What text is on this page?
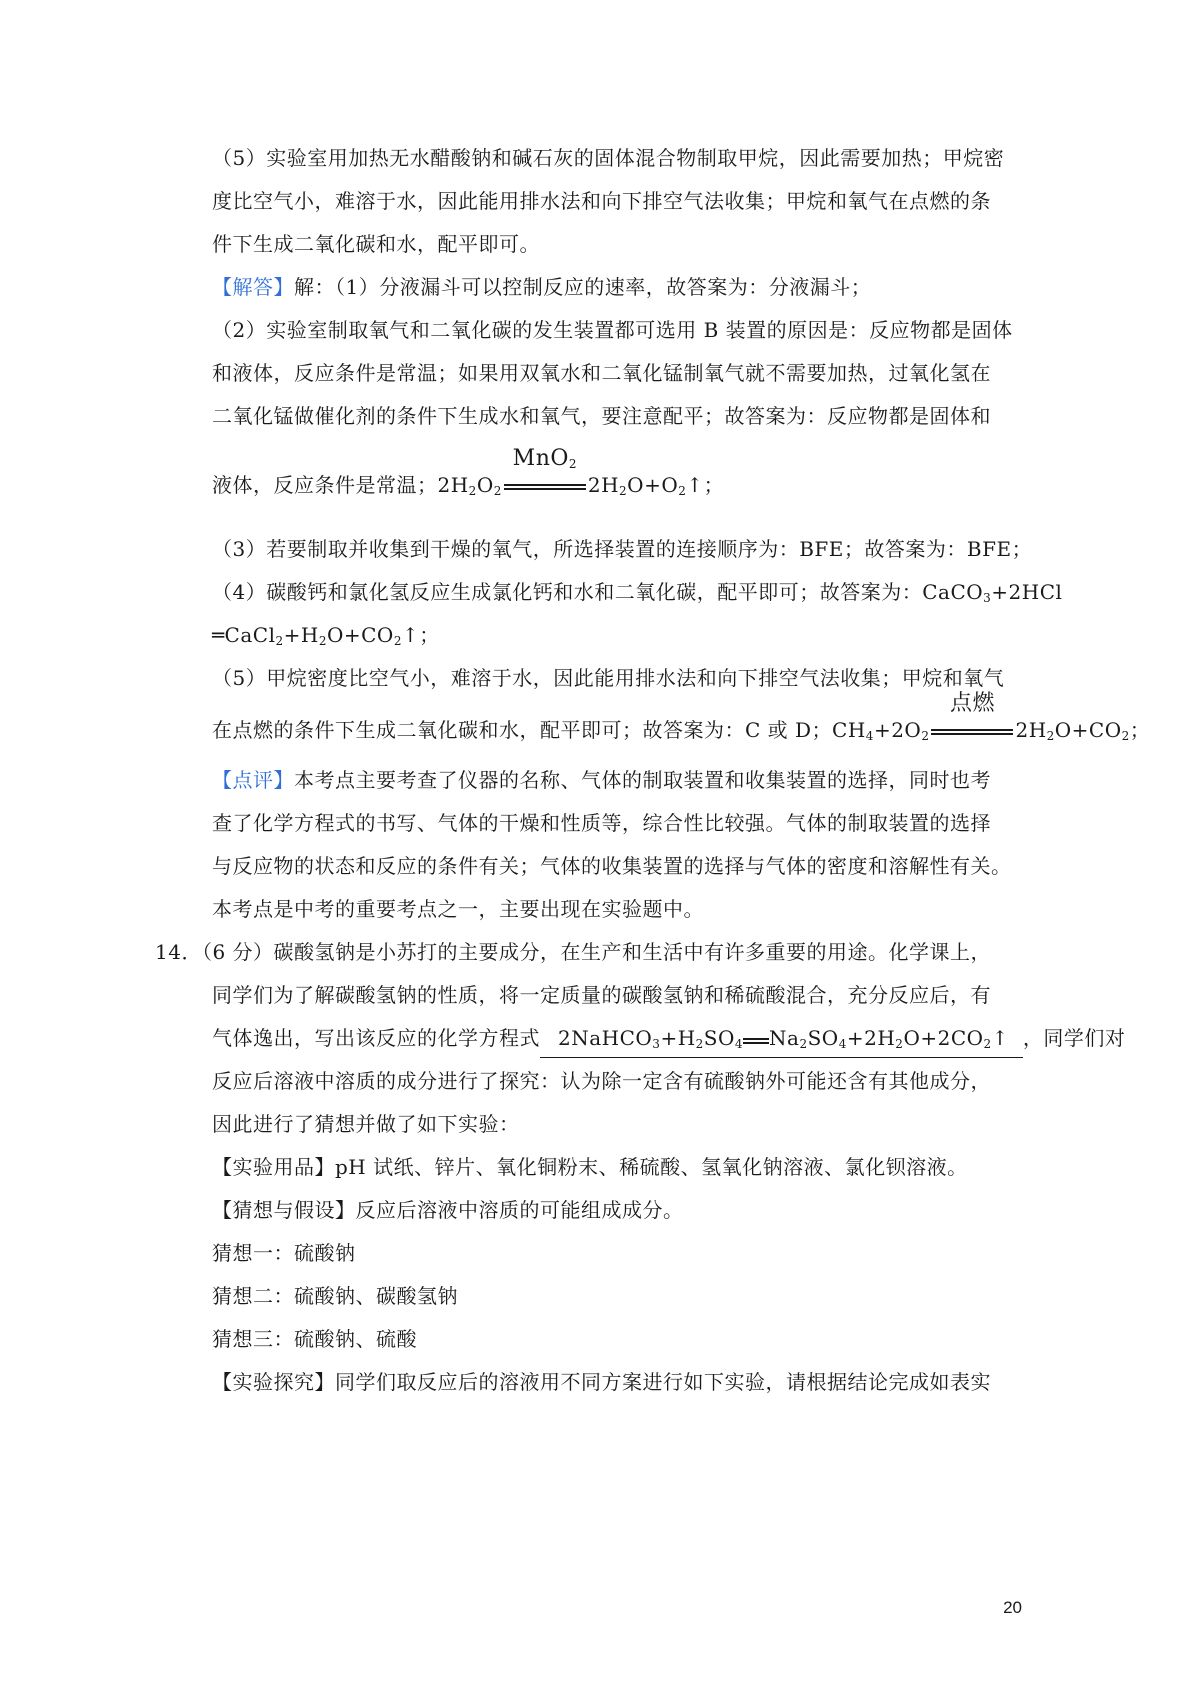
（5）实验室用加热无水醋酸钠和碱石灰的固体混合物制取甲烷，因此需要加热；甲烷密
度比空气小，难溶于水，因此能用排水法和向下排空气法收集；甲烷和氧气在点燃的条
件下生成二氧化碳和水，配平即可。
【解答】解：（1）分液漏斗可以控制反应的速率，故答案为：分液漏斗；
（2）实验室制取氧气和二氧化碳的发生装置都可选用 B 装置的原因是：反应物都是固体
和液体，反应条件是常温；如果用双氧水和二氧化锰制氧气就不需要加热，过氧化氢在
二氧化锰做催化剂的条件下生成水和氧气，要注意配平；故答案为：反应物都是固体和
液体，反应条件是常温；$2H_2O_2$
MnO$_2$
$2H_2O+O_2↑$；
（3）若要制取并收集到干燥的氧气，所选择装置的连接顺序为：BFE；故答案为：BFE；
（4）碳酸钙和氯化氢反应生成氯化钙和水和二氧化碳，配平即可；故答案为：CaCO$_3$+2HCl
$═CaCl_2+H_2O+CO_2↑$；
（5）甲烷密度比空气小，难溶于水，因此能用排水法和向下排空气法收集；甲烷和氧气
在点燃的条件下生成二氧化碳和水，配平即可；故答案为：C 或 D；$CH_4+2O_2$
点燃
$2H_2O+CO_2$；
【点评】本考点主要考查了仪器的名称、气体的制取装置和收集装置的选择，同时也考
查了化学方程式的书写、气体的干燥和性质等，综合性比较强。气体的制取装置的选择
与反应物的状态和反应的条件有关；气体的收集装置的选择与气体的密度和溶解性有关。
本考点是中考的重要考点之一，主要出现在实验题中。
14．（6 分）碳酸氢钠是小苏打的主要成分，在生产和生活中有许多重要的用途。化学课上，
同学们为了解碳酸氢钠的性质，将一定质量的碳酸氢钠和稀硫酸混合，充分反应后，有
气体逸出，写出该反应的化学方程式 $2NaHCO_3+H_2SO_4$ $Na_2SO_4+2H_2O+2CO_2↑$ ，同学们对
反应后溶液中溶质的成分进行了探究：认为除一定含有硫酸钠外可能还含有其他成分，
因此进行了猜想并做了如下实验：
【实验用品】pH 试纸、锌片、氧化铜粉末、稀硫酸、氢氧化钠溶液、氯化钡溶液。
【猜想与假设】反应后溶液中溶质的可能组成成分。
猜想一：硫酸钠
猜想二：硫酸钠、碳酸氢钠
猜想三：硫酸钠、硫酸
【实验探究】同学们取反应后的溶液用不同方案进行如下实验，请根据结论完成如表实
20
